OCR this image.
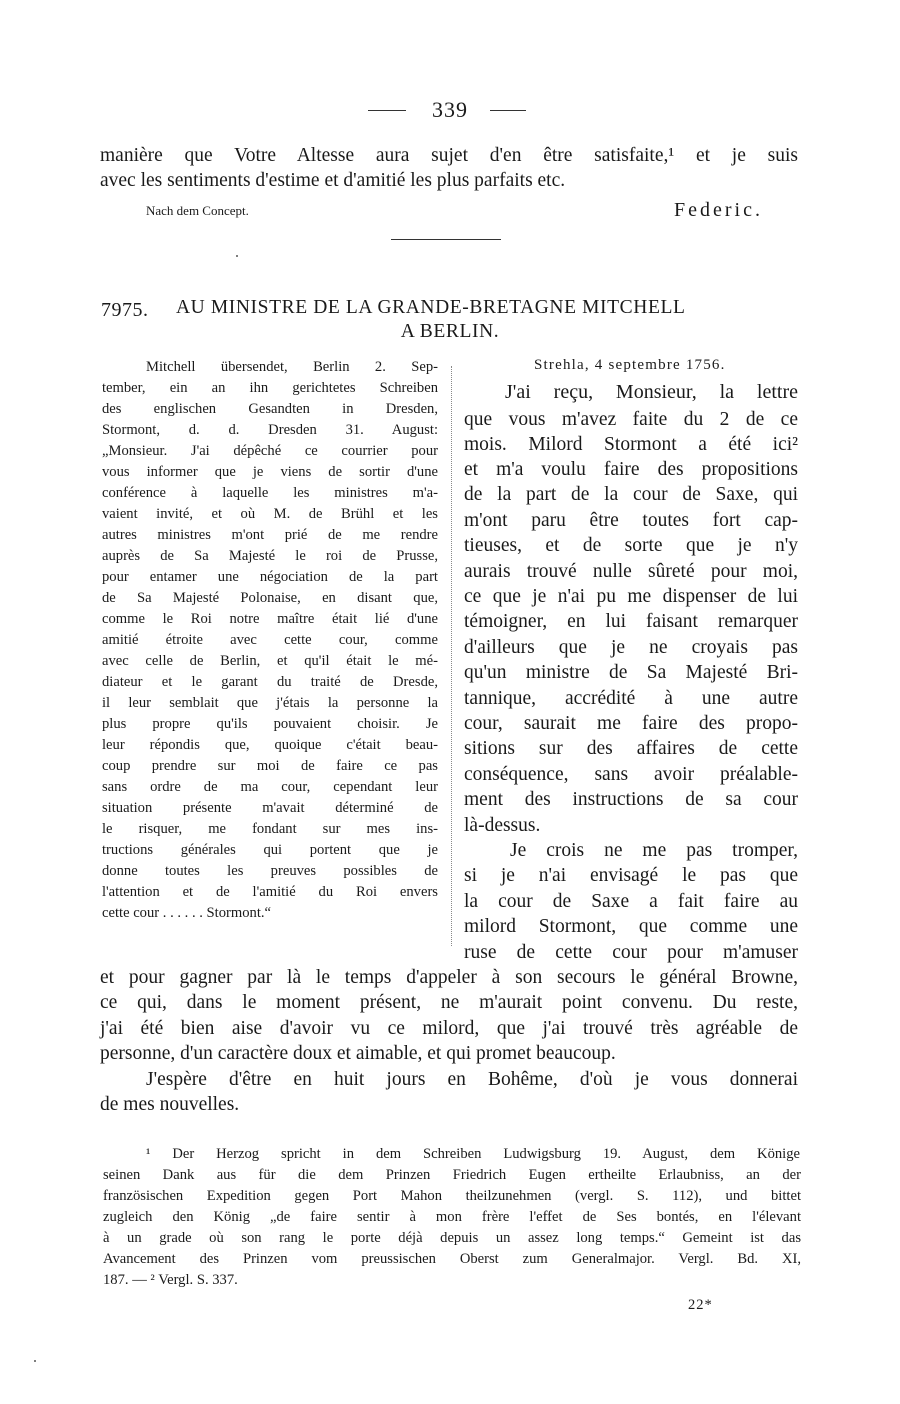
339
manière que Votre Altesse aura sujet d'en être satisfaite,¹ et je suis
avec les sentiments d'estime et d'amitié les plus parfaits etc.
Nach dem Concept.	Federic.
7975. AU MINISTRE DE LA GRANDE-BRETAGNE MITCHELL
A BERLIN.
Mitchell übersendet, Berlin 2. Sep-
tember, ein an ihn gerichtetes Schreiben
des englischen Gesandten in Dresden,
Stormont, d. d. Dresden 31. August:
„Monsieur. J'ai dépêché ce courrier pour
vous informer que je viens de sortir d'une
conférence à laquelle les ministres m'a-
vaient invité, et où M. de Brühl et les
autres ministres m'ont prié de me rendre
auprès de Sa Majesté le roi de Prusse,
pour entamer une négociation de la part
de Sa Majesté Polonaise, en disant que,
comme le Roi notre maître était lié d'une
amitié étroite avec cette cour, comme
avec celle de Berlin, et qu'il était le mé-
diateur et le garant du traité de Dresde,
il leur semblait que j'étais la personne la
plus propre qu'ils pouvaient choisir. Je
leur répondis que, quoique c'était beau-
coup prendre sur moi de faire ce pas
sans ordre de ma cour, cependant leur
situation présente m'avait déterminé de
le risquer, me fondant sur mes ins-
tructions générales qui portent que je
donne toutes les preuves possibles de
l'attention et de l'amitié du Roi envers
cette cour . . . . . . Stormont.“
Strehla, 4 septembre 1756.
J'ai reçu, Monsieur, la lettre
que vous m'avez faite du 2 de ce
mois. Milord Stormont a été ici²
et m'a voulu faire des propositions
de la part de la cour de Saxe, qui
m'ont paru être toutes fort cap-
tieuses, et de sorte que je n'y
aurais trouvé nulle sûreté pour moi,
ce que je n'ai pu me dispenser de lui
témoigner, en lui faisant remarquer
d'ailleurs que je ne croyais pas
qu'un ministre de Sa Majesté Bri-
tannique, accrédité à une autre
cour, saurait me faire des propo-
sitions sur des affaires de cette
conséquence, sans avoir préalable-
ment des instructions de sa cour
là-dessus.
Je crois ne me pas tromper,
si je n'ai envisagé le pas que
la cour de Saxe a fait faire au
milord Stormont, que comme une
ruse de cette cour pour m'amuser
et pour gagner par là le temps d'appeler à son secours le général Browne,
ce qui, dans le moment présent, ne m'aurait point convenu. Du reste,
j'ai été bien aise d'avoir vu ce milord, que j'ai trouvé très agréable de
personne, d'un caractère doux et aimable, et qui promet beaucoup.
J'espère d'être en huit jours en Bohême, d'où je vous donnerai
de mes nouvelles.
¹ Der Herzog spricht in dem Schreiben Ludwigsburg 19. August, dem Könige
seinen Dank aus für die dem Prinzen Friedrich Eugen ertheilte Erlaubniss, an der
französischen Expedition gegen Port Mahon theilzunehmen (vergl. S. 112), und bittet
zugleich den König „de faire sentir à mon frère l'effet de Ses bontés, en l'élevant
à un grade où son rang le porte déjà depuis un assez long temps.“ Gemeint ist das
Avancement des Prinzen vom preussischen Oberst zum Generalmajor. Vergl. Bd. XI,
187. — ² Vergl. S. 337.
22*
